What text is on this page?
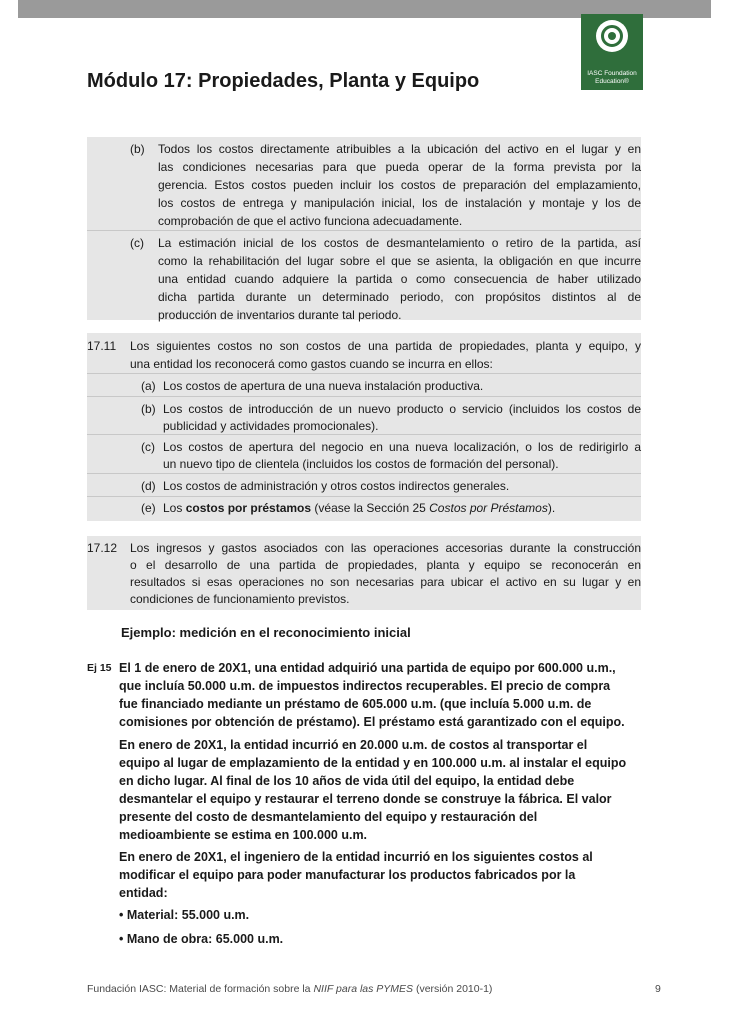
IASC Foundation
Education®
Módulo 17: Propiedades, Planta y Equipo
(b) Todos los costos directamente atribuibles a la ubicación del activo en el lugar y en
las condiciones necesarias para que pueda operar de la forma prevista por la
gerencia. Estos costos pueden incluir los costos de preparación del emplazamiento,
los costos de entrega y manipulación inicial, los de instalación y montaje y los de
comprobación de que el activo funciona adecuadamente.
(c) La estimación inicial de los costos de desmantelamiento o retiro de la partida, así
como la rehabilitación del lugar sobre el que se asienta, la obligación en que incurre
una entidad cuando adquiere la partida o como consecuencia de haber utilizado
dicha partida durante un determinado periodo, con propósitos distintos al de
producción de inventarios durante tal periodo.
17.11 Los siguientes costos no son costos de una partida de propiedades, planta y equipo, y
una entidad los reconocerá como gastos cuando se incurra en ellos:
(a) Los costos de apertura de una nueva instalación productiva.
(b) Los costos de introducción de un nuevo producto o servicio (incluidos los costos de
publicidad y actividades promocionales).
(c) Los costos de apertura del negocio en una nueva localización, o los de redirigirlo a
un nuevo tipo de clientela (incluidos los costos de formación del personal).
(d) Los costos de administración y otros costos indirectos generales.
(e) Los costos por préstamos (véase la Sección 25 Costos por Préstamos).
17.12 Los ingresos y gastos asociados con las operaciones accesorias durante la construcción
o el desarrollo de una partida de propiedades, planta y equipo se reconocerán en
resultados si esas operaciones no son necesarias para ubicar el activo en su lugar y en
condiciones de funcionamiento previstos.
Ejemplo: medición en el reconocimiento inicial
Ej 15 El 1 de enero de 20X1, una entidad adquirió una partida de equipo por 600.000 u.m.,
que incluía 50.000 u.m. de impuestos indirectos recuperables. El precio de compra
fue financiado mediante un préstamo de 605.000 u.m. (que incluía 5.000 u.m. de
comisiones por obtención de préstamo). El préstamo está garantizado con el equipo.
En enero de 20X1, la entidad incurrió en 20.000 u.m. de costos al transportar el
equipo al lugar de emplazamiento de la entidad y en 100.000 u.m. al instalar el equipo
en dicho lugar. Al final de los 10 años de vida útil del equipo, la entidad debe
desmantelar el equipo y restaurar el terreno donde se construye la fábrica. El valor
presente del costo de desmantelamiento del equipo y restauración del
medioambiente se estima en 100.000 u.m.
En enero de 20X1, el ingeniero de la entidad incurrió en los siguientes costos al
modificar el equipo para poder manufacturar los productos fabricados por la
entidad:
• Material: 55.000 u.m.
• Mano de obra: 65.000 u.m.
Fundación IASC: Material de formación sobre la NIIF para las PYMES (versión 2010-1)	9
